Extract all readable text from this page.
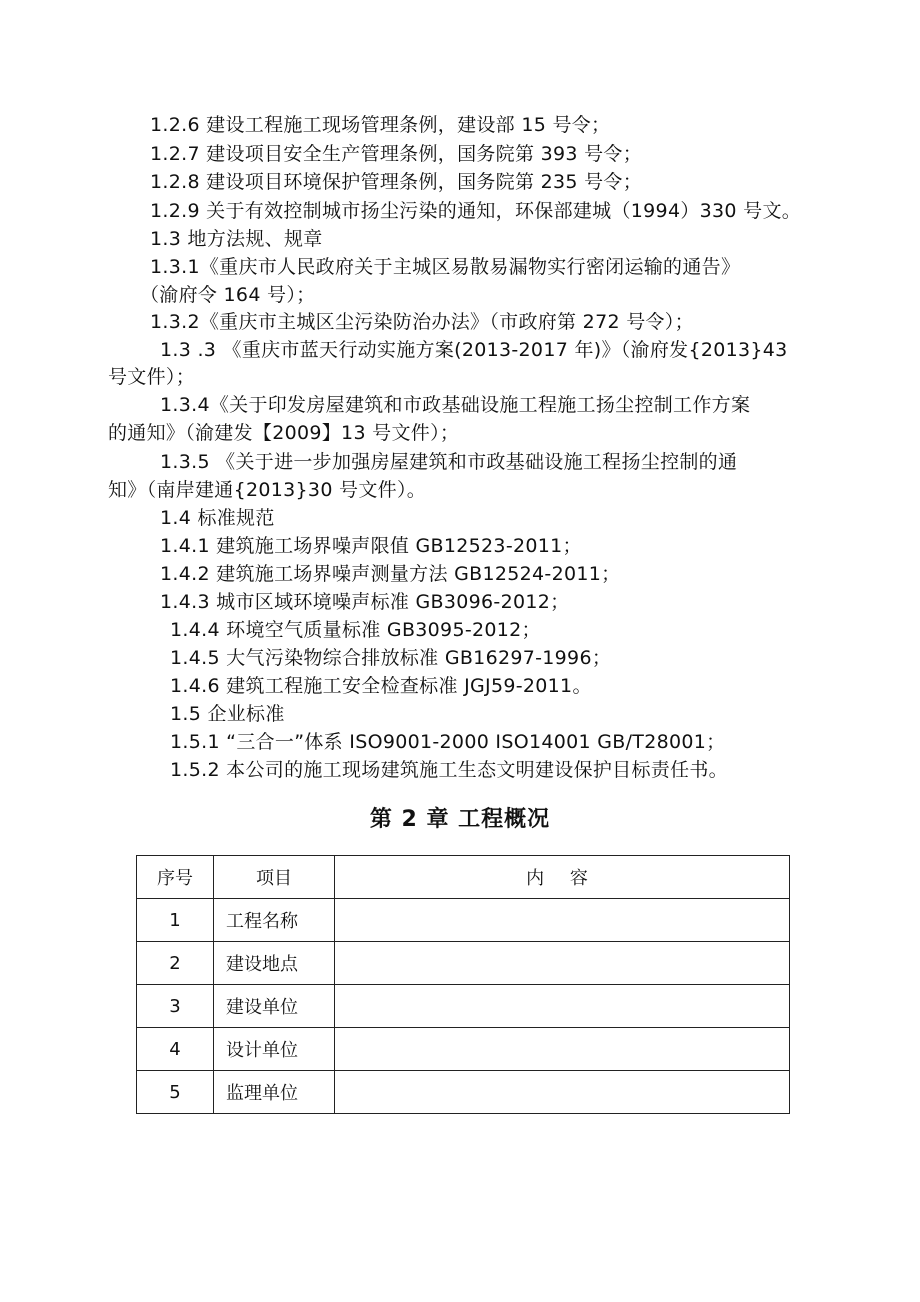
1.2.6 建设工程施工现场管理条例，建设部 15 号令；
1.2.7 建设项目安全生产管理条例，国务院第 393 号令；
1.2.8 建设项目环境保护管理条例，国务院第 235 号令；
1.2.9 关于有效控制城市扬尘污染的通知，环保部建城（1994）330 号文。
1.3 地方法规、规章
1.3.1《重庆市人民政府关于主城区易散易漏物实行密闭运输的通告》
（渝府令 164 号）；
1.3.2《重庆市主城区尘污染防治办法》（市政府第 272 号令）；
1.3 .3 《重庆市蓝天行动实施方案(2013-2017 年)》（渝府发{2013}43
号文件）；
1.3.4《关于印发房屋建筑和市政基础设施工程施工扬尘控制工作方案
的通知》（渝建发【2009】13 号文件）；
1.3.5 《关于进一步加强房屋建筑和市政基础设施工程扬尘控制的通
知》（南岸建通{2013}30 号文件）。
1.4 标准规范
1.4.1 建筑施工场界噪声限值 GB12523-2011；
1.4.2 建筑施工场界噪声测量方法 GB12524-2011；
1.4.3 城市区域环境噪声标准 GB3096-2012；
1.4.4 环境空气质量标准 GB3095-2012；
1.4.5 大气污染物综合排放标准 GB16297-1996；
1.4.6 建筑工程施工安全检查标准 JGJ59-2011。
1.5 企业标准
1.5.1 “三合一”体系 ISO9001-2000 ISO14001 GB/T28001；
1.5.2 本公司的施工现场建筑施工生态文明建设保护目标责任书。
第 2 章 工程概况
序号	项目	内 容
1	工程名称	
2	建设地点	
3	建设单位	
4	设计单位	
5	监理单位	
